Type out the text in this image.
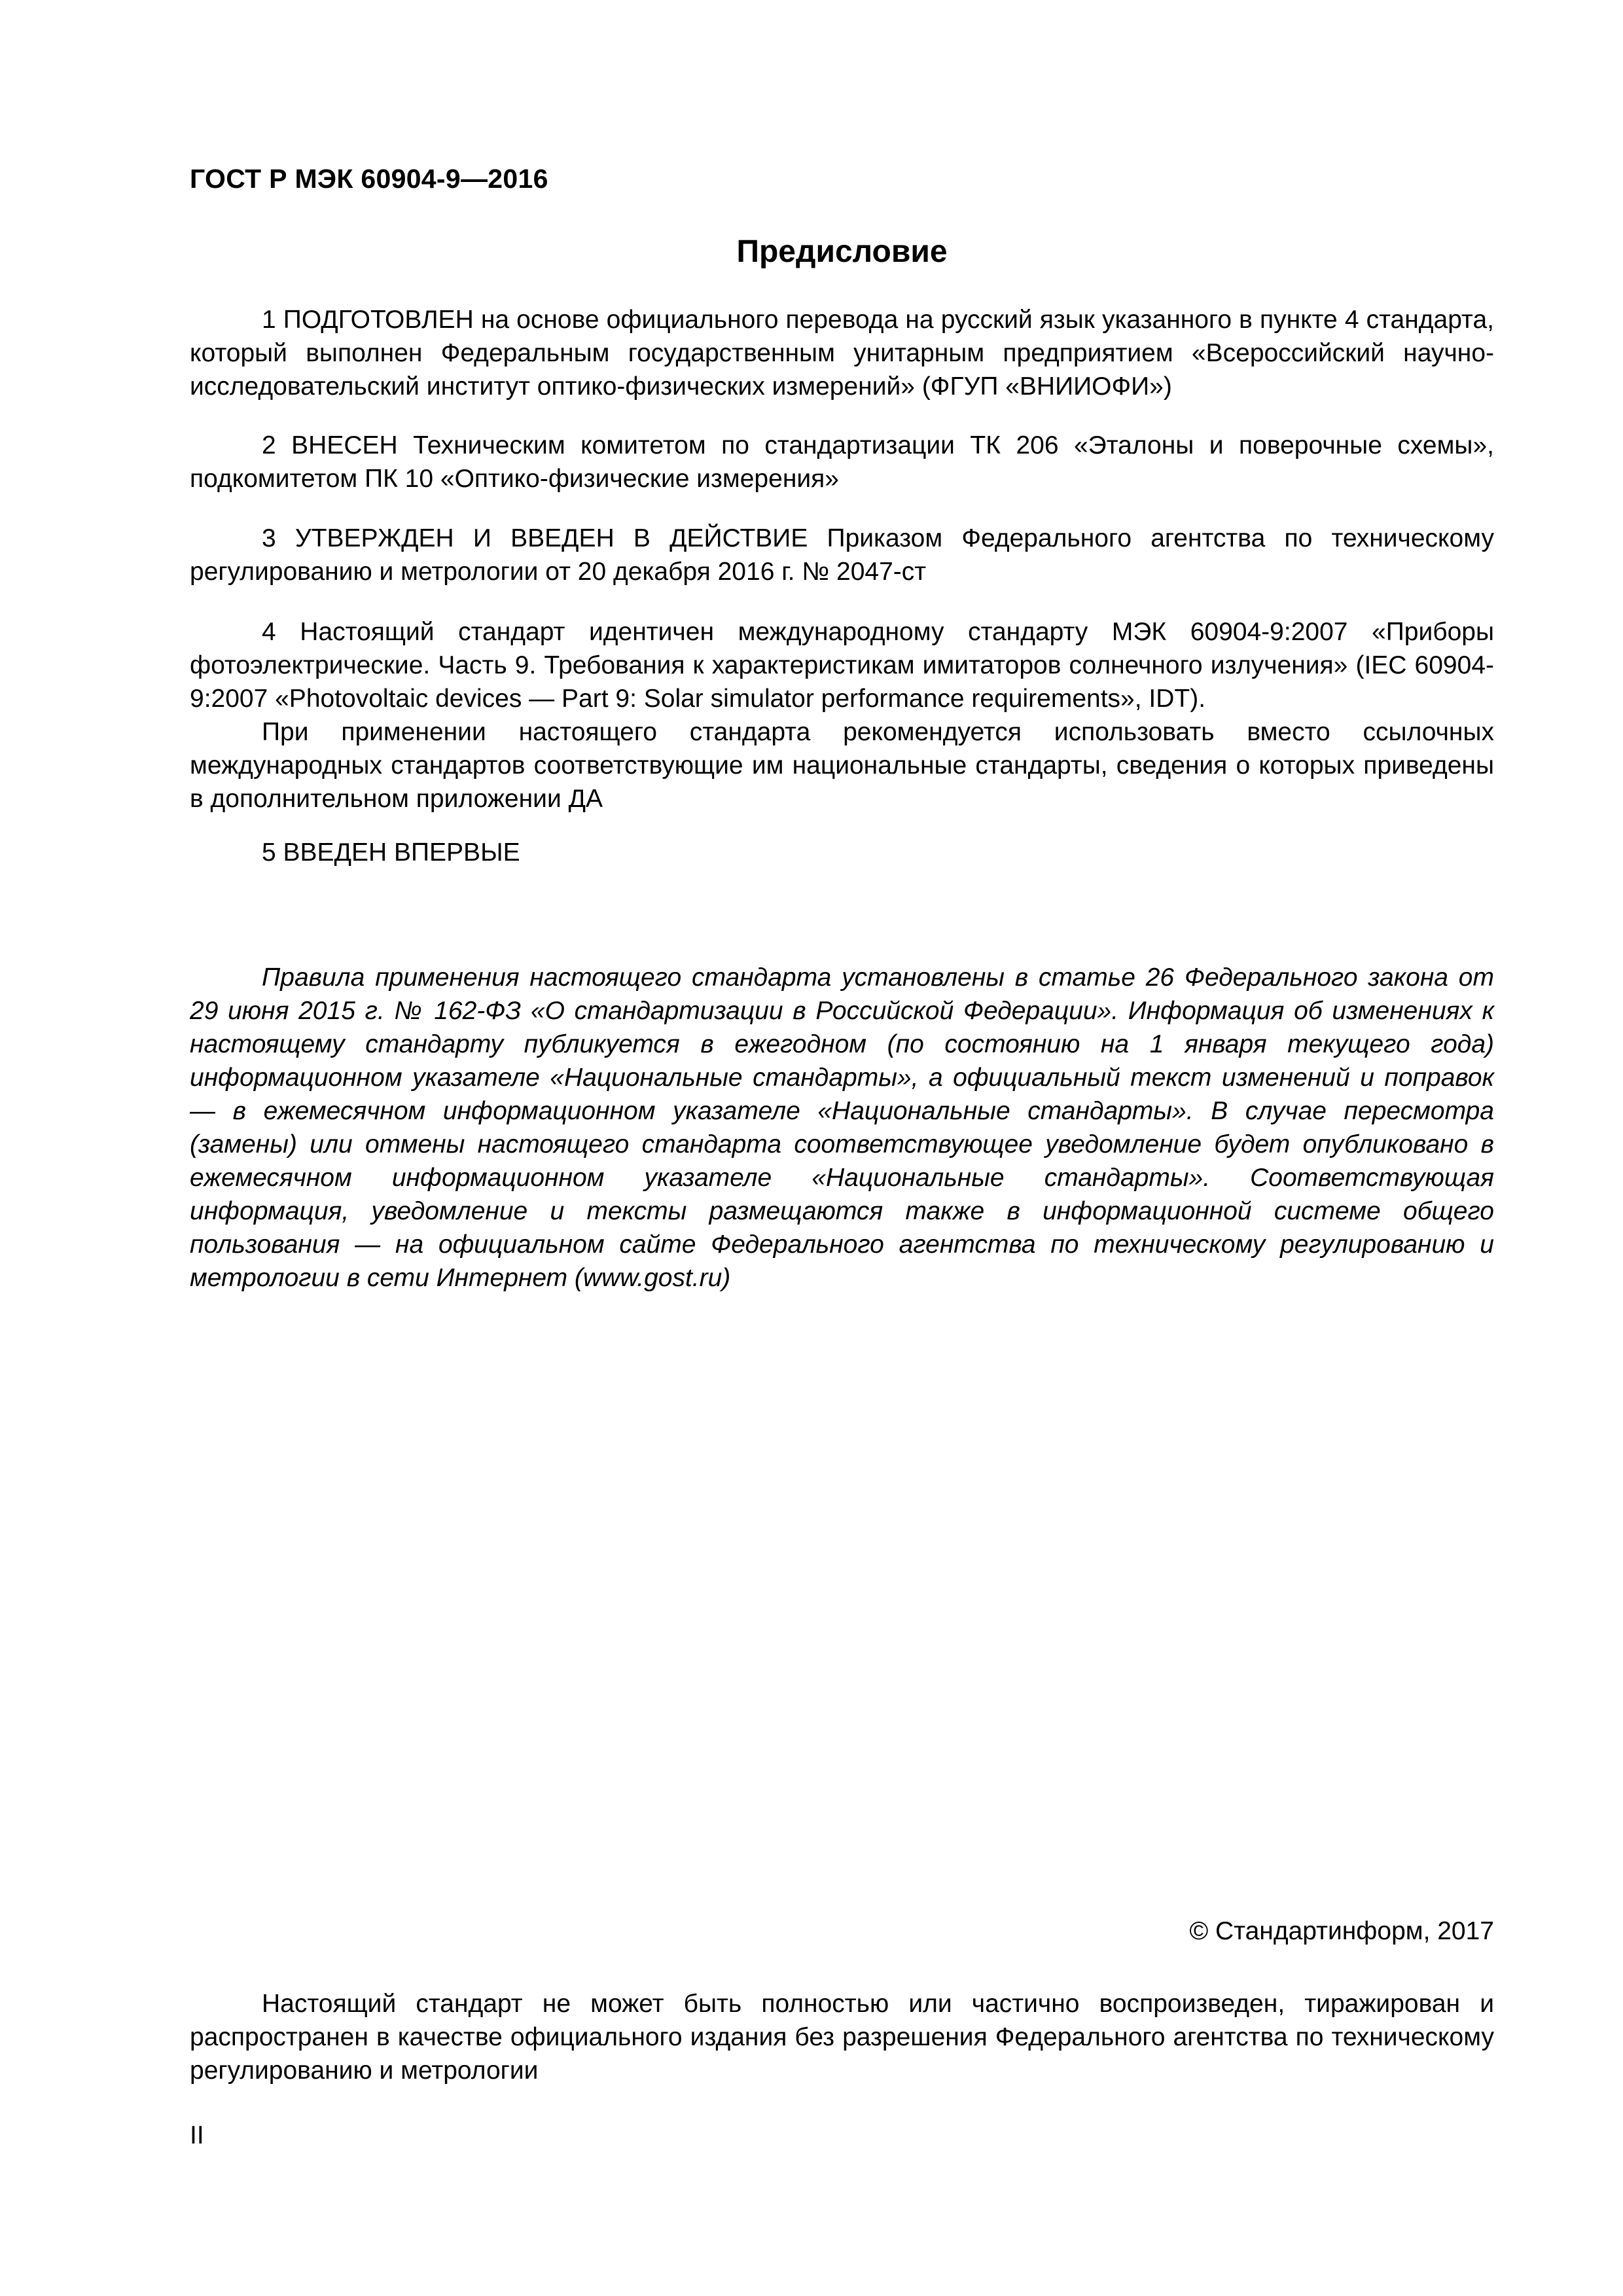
ГОСТ Р МЭК 60904-9—2016
Предисловие

1 ПОДГОТОВЛЕН на основе официального перевода на русский язык указанного в пункте 4 стандарта, который выполнен Федеральным государственным унитарным предприятием «Всероссийский научно-исследовательский институт оптико-физических измерений» (ФГУП «ВНИИОФИ»)

2 ВНЕСЕН Техническим комитетом по стандартизации ТК 206 «Эталоны и поверочные схемы», подкомитетом ПК 10 «Оптико-физические измерения»

3 УТВЕРЖДЕН И ВВЕДЕН В ДЕЙСТВИЕ Приказом Федерального агентства по техническому регулированию и метрологии от 20 декабря 2016 г. № 2047-ст

4 Настоящий стандарт идентичен международному стандарту МЭК 60904-9:2007 «Приборы фотоэлектрические. Часть 9. Требования к характеристикам имитаторов солнечного излучения» (IEC 60904-9:2007 «Photovoltaic devices — Part 9: Solar simulator performance requirements», IDT).

При применении настоящего стандарта рекомендуется использовать вместо ссылочных международных стандартов соответствующие им национальные стандарты, сведения о которых приведены в дополнительном приложении ДА

5 ВВЕДЕН ВПЕРВЫЕ

Правила применения настоящего стандарта установлены в статье 26 Федерального закона от 29 июня 2015 г. № 162-ФЗ «О стандартизации в Российской Федерации». Информация об изменениях к настоящему стандарту публикуется в ежегодном (по состоянию на 1 января текущего года) информационном указателе «Национальные стандарты», а официальный текст изменений и поправок — в ежемесячном информационном указателе «Национальные стандарты». В случае пересмотра (замены) или отмены настоящего стандарта соответствующее уведомление будет опубликовано в ежемесячном информационном указателе «Национальные стандарты». Соответствующая информация, уведомление и тексты размещаются также в информационной системе общего пользования — на официальном сайте Федерального агентства по техническому регулированию и метрологии в сети Интернет (www.gost.ru)

© Стандартинформ, 2017

Настоящий стандарт не может быть полностью или частично воспроизведен, тиражирован и распространен в качестве официального издания без разрешения Федерального агентства по техническому регулированию и метрологии

II
